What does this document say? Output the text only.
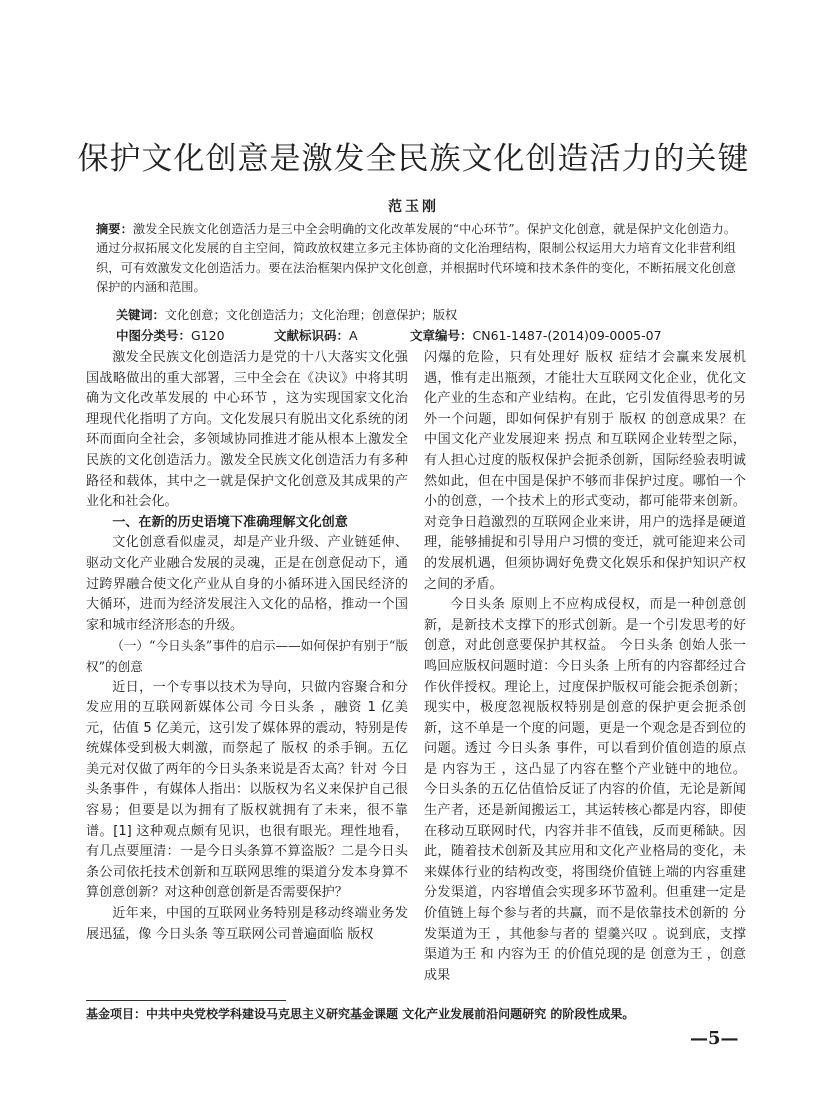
保护文化创意是激发全民族文化创造活力的关键
范玉刚
摘要：激发全民族文化创造活力是三中全会明确的文化改革发展的“中心环节”。保护文化创意，就是保护文化创造力。通过分叔拓展文化发展的自主空间，简政放权建立多元主体协商的文化治理结构，限制公权运用大力培育文化非营利组织，可有效激发文化创造活力。要在法治框架内保护文化创意，并根据时代环境和技术条件的变化，不断拓展文化创意保护的内涵和范围。
关键词：文化创意；文化创造活力；文化治理；创意保护；版权
中图分类号：G120	文献标识码：A	文章编号：CN61-1487-(2014)09-0005-07

激发全民族文化创造活力是党的十八大落实文化强国战略做出的重大部署，三中全会在《决议》中将其明确为文化改革发展的 中心环节 ，这为实现国家文化治理现代化指明了方向。文化发展只有脱出文化系统的闭环而面向全社会，多领域协同推进才能从根本上激发全民族的文化创造活力。激发全民族文化创造活力有多种路径和载体，其中之一就是保护文化创意及其成果的产业化和社会化。

一、在新的历史语境下准确理解文化创意

文化创意看似虚灵，却是产业升级、产业链延伸、驱动文化产业融合发展的灵魂，正是在创意促动下，通过跨界融合使文化产业从自身的小循环进入国民经济的大循环，进而为经济发展注入文化的品格，推动一个国家和城市经济形态的升级。

（一）“今日头条”事件的启示——如何保护有别于“版权”的创意

近日，一个专事以技术为导向，只做内容聚合和分发应用的互联网新媒体公司 今日头条 ，融资 1 亿美元，估值 5 亿美元，这引发了媒体界的震动，特别是传统媒体受到极大刺激，而祭起了 版权 的杀手锏。五亿美元对仅做了两年的今日头条来说是否太高？针对 今日头条事件 ，有媒体人指出：以版权为名义来保护自己很容易；但要是以为拥有了版权就拥有了未来，很不靠谱。[1] 这种观点颇有见识，也很有眼光。理性地看，有几点要厘清：一是今日头条算不算盗版？二是今日头条公司依托技术创新和互联网思维的渠道分发本身算不算创意创新？对这种创意创新是否需要保护？

近年来，中国的互联网业务特别是移动终端业务发展迅猛，像 今日头条 等互联网公司普遍面临 版权

闪爆的危险，只有处理好 版权 症结才会赢来发展机遇，惟有走出瓶颈，才能壮大互联网文化企业，优化文化产业的生态和产业结构。在此，它引发值得思考的另外一个问题，即如何保护有别于 版权 的创意成果？在中国文化产业发展迎来 拐点 和互联网企业转型之际，有人担心过度的版权保护会扼杀创新，国际经验表明诚然如此，但在中国是保护不够而非保护过度。哪怕一个小的创意，一个技术上的形式变动，都可能带来创新。对竞争日趋激烈的互联网企业来讲，用户的选择是硬道理，能够捕捉和引导用户习惯的变迁，就可能迎来公司的发展机遇，但须协调好免费文化娱乐和保护知识产权之间的矛盾。

今日头条 原则上不应构成侵权，而是一种创意创新，是新技术支撑下的形式创新。是一个引发思考的好创意，对此创意要保护其权益。 今日头条 创始人张一鸣回应版权问题时道：今日头条 上所有的内容都经过合作伙伴授权。理论上，过度保护版权可能会扼杀创新；现实中，极度忽视版权特别是创意的保护更会扼杀创新，这不单是一个度的问题，更是一个观念是否到位的问题。透过 今日头条 事件，可以看到价值创造的原点是 内容为王 ，这凸显了内容在整个产业链中的地位。今日头条的五亿估值恰反证了内容的价值，无论是新闻生产者，还是新闻搬运工，其运转核心都是内容，即使在移动互联网时代，内容并非不值钱，反而更稀缺。因此，随着技术创新及其应用和文化产业格局的变化，未来媒体行业的结构改变，将围绕价值链上端的内容重建分发渠道，内容增值会实现多环节盈利。但重建一定是价值链上每个参与者的共赢，而不是依靠技术创新的 分发渠道为王 ，其他参与者的 望羹兴叹 。说到底，支撑 渠道为王 和 内容为王 的价值兑现的是 创意为王 ，创意成果

基金项目：中共中央党校学科建设马克思主义研究基金课题 文化产业发展前沿问题研究 的阶段性成果。
—5—
